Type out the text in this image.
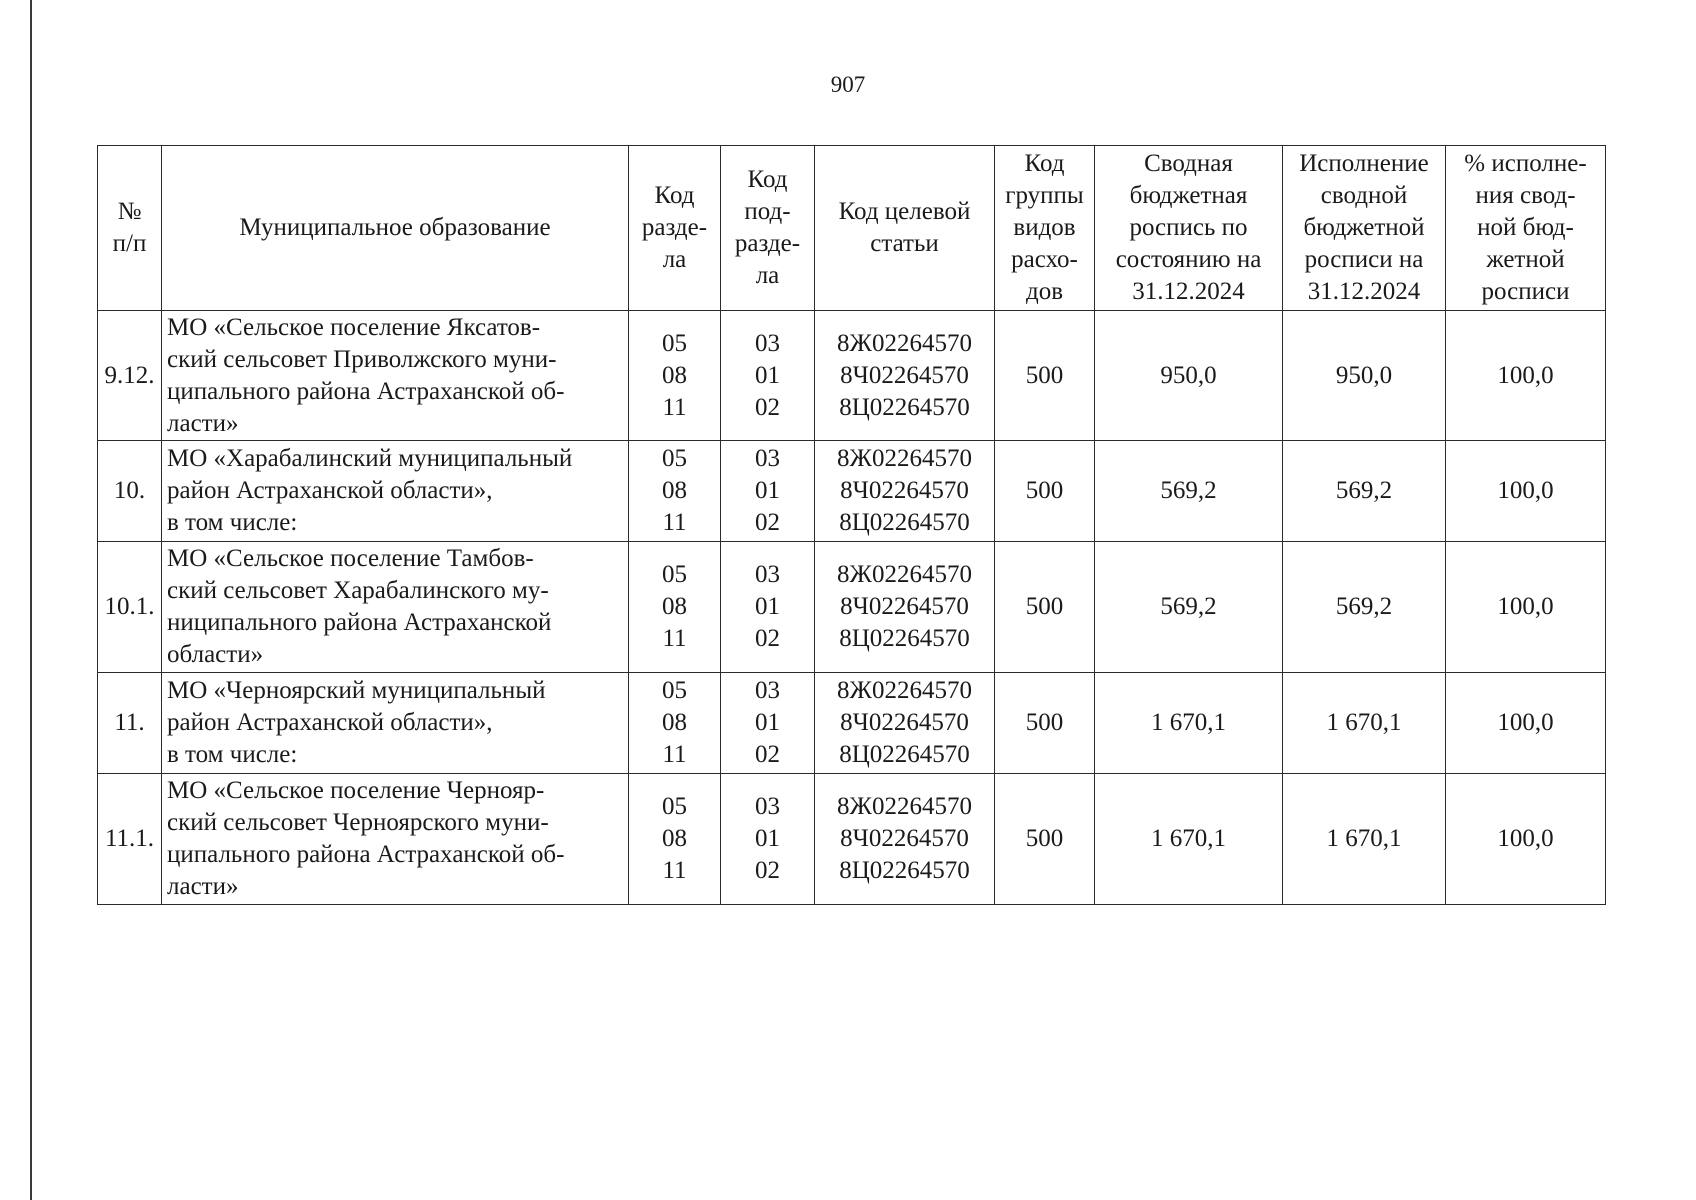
907
№
п/п	Муниципальное образование	Код
разде-
ла	Код
под-
разде-
ла	Код целевой
статьи	Код
группы
видов
расхо-
дов	Сводная
бюджетная
роспись по
состоянию на
31.12.2024	Исполнение
сводной
бюджетной
росписи на
31.12.2024	% исполне-
ния свод-
ной бюд-
жетной
росписи

9.12.	МО «Сельское поселение Яксатов-
ский сельсовет Приволжского муни-
ципального района Астраханской об-
ласти»	05
08
11	03
01
02	8Ж02264570
8Ч02264570
8Ц02264570	500	950,0	950,0	100,0

10.	МО «Харабалинский муниципальный
район Астраханской области»,
в том числе:	05
08
11	03
01
02	8Ж02264570
8Ч02264570
8Ц02264570	500	569,2	569,2	100,0

10.1.	МО «Сельское поселение Тамбов-
ский сельсовет Харабалинского му-
ниципального района Астраханской
области»	05
08
11	03
01
02	8Ж02264570
8Ч02264570
8Ц02264570	500	569,2	569,2	100,0

11.	МО «Черноярский муниципальный
район Астраханской области»,
в том числе:	05
08
11	03
01
02	8Ж02264570
8Ч02264570
8Ц02264570	500	1 670,1	1 670,1	100,0

11.1.	МО «Сельское поселение Чернояр-
ский сельсовет Черноярского муни-
ципального района Астраханской об-
ласти»	05
08
11	03
01
02	8Ж02264570
8Ч02264570
8Ц02264570	500	1 670,1	1 670,1	100,0
